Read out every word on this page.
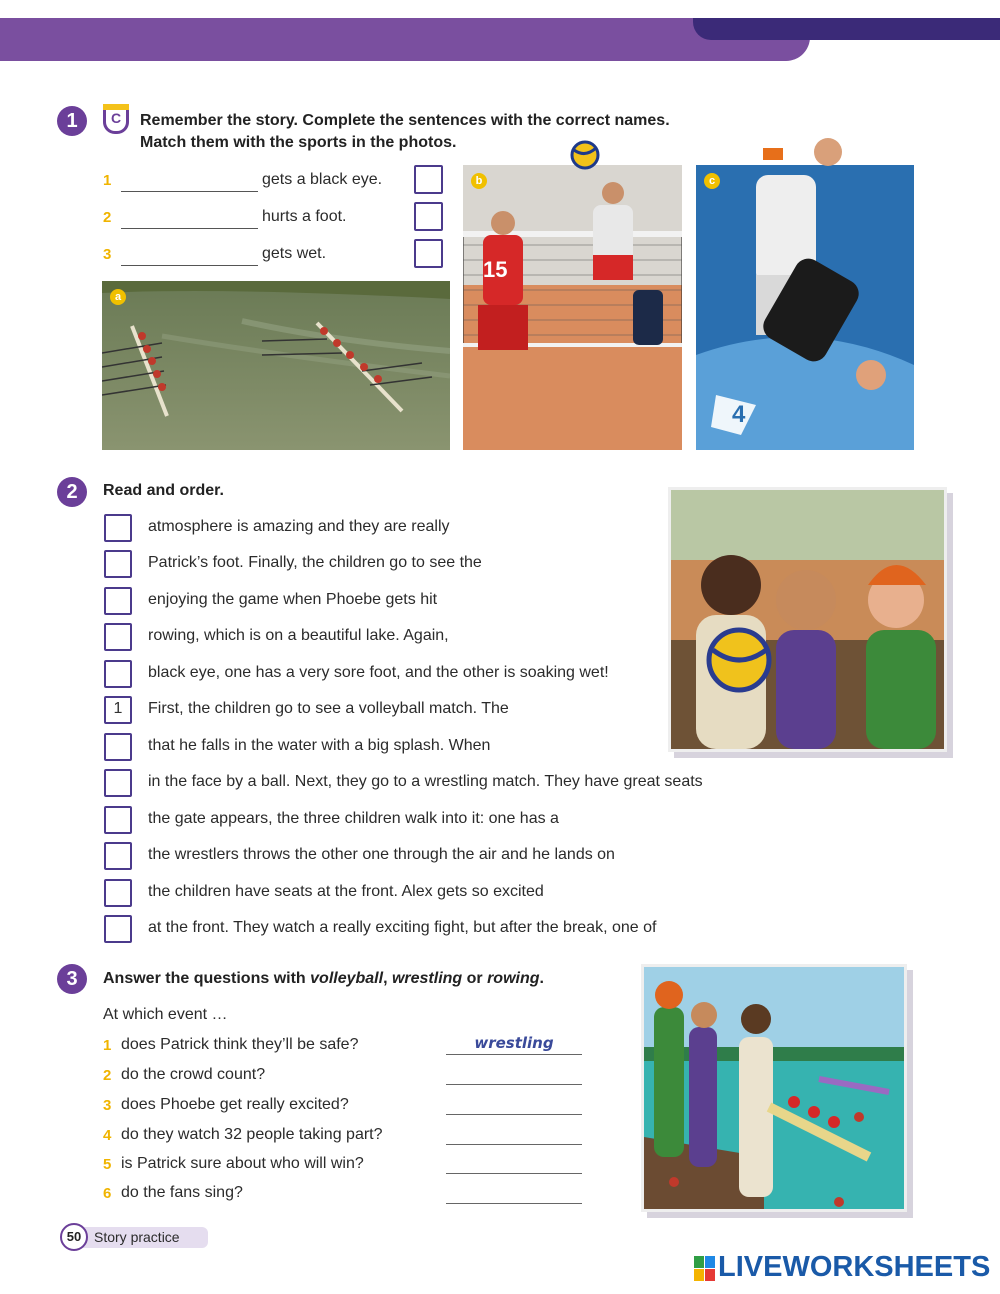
1	C	Remember the story. Complete the sentences with the correct names.
Match them with the sports in the photos.
1	gets a black eye.
2	hurts a foot.
3	gets wet.
a
15
b	c
4
2	Read and order.
atmosphere is amazing and they are really
Patrick’s foot. Finally, the children go to see the
enjoying the game when Phoebe gets hit
rowing, which is on a beautiful lake. Again,
black eye, one has a very sore foot, and the other is soaking wet!
1	First, the children go to see a volleyball match. The
that he falls in the water with a big splash. When
in the face by a ball. Next, they go to a wrestling match. They have great seats
the gate appears, the three children walk into it: one has a
the wrestlers throws the other one through the air and he lands on
the children have seats at the front. Alex gets so excited
at the front. They watch a really exciting fight, but after the break, one of
3	Answer the questions with volleyball, wrestling or rowing.
At which event …
1 does Patrick think they’ll be safe?	wrestling
2 do the crowd count?
3 does Phoebe get really excited?
4 do they watch 32 people taking part?
5 is Patrick sure about who will win?
6 do the fans sing?
50 Story practice
LIVEWORKSHEETS
